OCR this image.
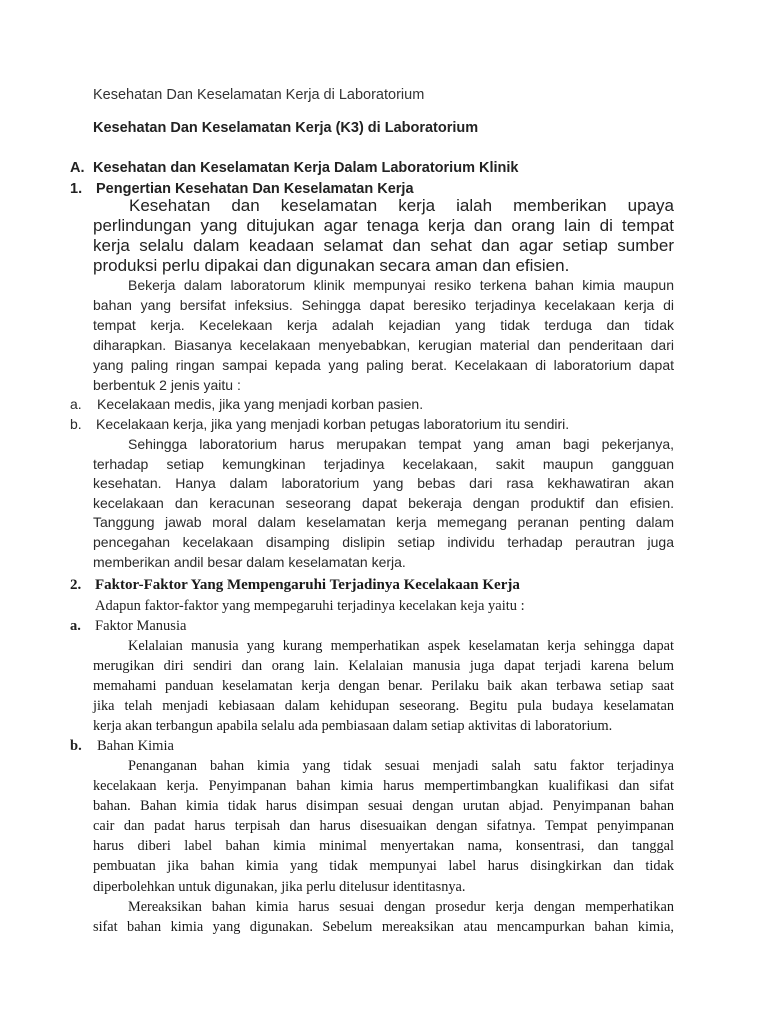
Kesehatan Dan Keselamatan Kerja di Laboratorium
Kesehatan Dan Keselamatan Kerja (K3) di Laboratorium
A. Kesehatan dan Keselamatan Kerja Dalam Laboratorium Klinik
1. Pengertian Kesehatan Dan Keselamatan Kerja
Kesehatan dan keselamatan kerja ialah memberikan upaya
perlindungan yang ditujukan agar tenaga kerja dan orang lain di tempat
kerja selalu dalam keadaan selamat dan sehat dan agar setiap sumber
produksi perlu dipakai dan digunakan secara aman dan efisien.
Bekerja dalam laboratorum klinik mempunyai resiko terkena bahan kimia maupun
bahan yang bersifat infeksius. Sehingga dapat beresiko terjadinya kecelakaan kerja di
tempat kerja. Kecelekaan kerja adalah kejadian yang tidak terduga dan tidak
diharapkan. Biasanya kecelakaan menyebabkan, kerugian material dan penderitaan dari
yang paling ringan sampai kepada yang paling berat. Kecelakaan di laboratorium dapat
berbentuk 2 jenis yaitu :
a. Kecelakaan medis, jika yang menjadi korban pasien.
b. Kecelakaan kerja, jika yang menjadi korban petugas laboratorium itu sendiri.
Sehingga laboratorium harus merupakan tempat yang aman bagi pekerjanya,
terhadap setiap kemungkinan terjadinya kecelakaan, sakit maupun gangguan
kesehatan. Hanya dalam laboratorium yang bebas dari rasa kekhawatiran akan
kecelakaan dan keracunan seseorang dapat bekeraja dengan produktif dan efisien.
Tanggung jawab moral dalam keselamatan kerja memegang peranan penting dalam
pencegahan kecelakaan disamping dislipin setiap individu terhadap perautran juga
memberikan andil besar dalam keselamatan kerja.
2. Faktor-Faktor Yang Mempengaruhi Terjadinya Kecelakaan Kerja
Adapun faktor-faktor yang mempegaruhi terjadinya kecelakan keja yaitu :
a. Faktor Manusia
Kelalaian manusia yang kurang memperhatikan aspek keselamatan kerja sehingga dapat
merugikan diri sendiri dan orang lain. Kelalaian manusia juga dapat terjadi karena belum
memahami panduan keselamatan kerja dengan benar. Perilaku baik akan terbawa setiap saat
jika telah menjadi kebiasaan dalam kehidupan seseorang. Begitu pula budaya keselamatan
kerja akan terbangun apabila selalu ada pembiasaan dalam setiap aktivitas di laboratorium.
b. Bahan Kimia
Penanganan bahan kimia yang tidak sesuai menjadi salah satu faktor terjadinya
kecelakaan kerja. Penyimpanan bahan kimia harus mempertimbangkan kualifikasi dan sifat
bahan. Bahan kimia tidak harus disimpan sesuai dengan urutan abjad. Penyimpanan bahan
cair dan padat harus terpisah dan harus disesuaikan dengan sifatnya. Tempat penyimpanan
harus diberi label bahan kimia minimal menyertakan nama, konsentrasi, dan tanggal
pembuatan jika bahan kimia yang tidak mempunyai label harus disingkirkan dan tidak
diperbolehkan untuk digunakan, jika perlu ditelusur identitasnya.
Mereaksikan bahan kimia harus sesuai dengan prosedur kerja dengan memperhatikan
sifat bahan kimia yang digunakan. Sebelum mereaksikan atau mencampurkan bahan kimia,
